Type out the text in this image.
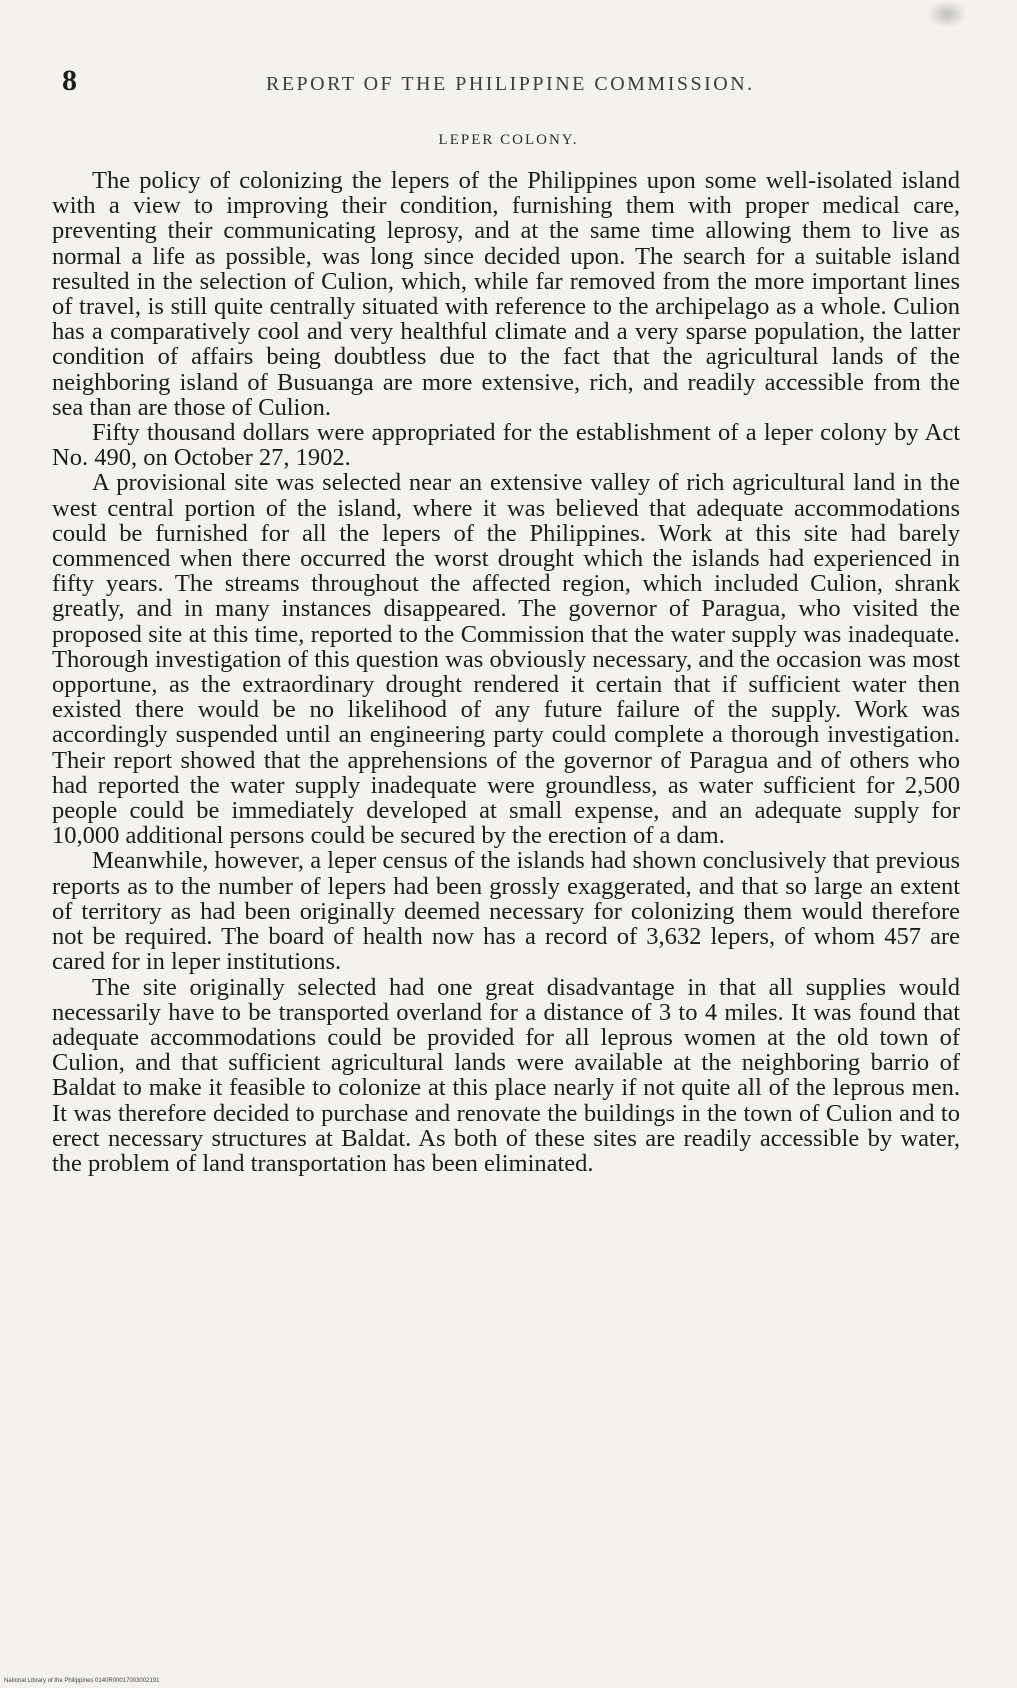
8	REPORT OF THE PHILIPPINE COMMISSION.
LEPER COLONY.

The policy of colonizing the lepers of the Philippines upon some well-isolated island with a view to improving their condition, furnishing them with proper medical care, preventing their communicating leprosy, and at the same time allowing them to live as normal a life as possible, was long since decided upon. The search for a suitable island resulted in the selection of Culion, which, while far removed from the more important lines of travel, is still quite centrally situated with reference to the archipelago as a whole. Culion has a comparatively cool and very healthful climate and a very sparse population, the latter condition of affairs being doubtless due to the fact that the agricultural lands of the neighboring island of Busuanga are more extensive, rich, and readily accessible from the sea than are those of Culion.

Fifty thousand dollars were appropriated for the establishment of a leper colony by Act No. 490, on October 27, 1902.

A provisional site was selected near an extensive valley of rich agricultural land in the west central portion of the island, where it was believed that adequate accommodations could be furnished for all the lepers of the Philippines. Work at this site had barely commenced when there occurred the worst drought which the islands had experienced in fifty years. The streams throughout the affected region, which included Culion, shrank greatly, and in many instances disappeared. The governor of Paragua, who visited the proposed site at this time, reported to the Commission that the water supply was inadequate. Thorough investigation of this question was obviously necessary, and the occasion was most opportune, as the extraordinary drought rendered it certain that if sufficient water then existed there would be no likelihood of any future failure of the supply. Work was accordingly suspended until an engineering party could complete a thorough investigation. Their report showed that the apprehensions of the governor of Paragua and of others who had reported the water supply inadequate were groundless, as water sufficient for 2,500 people could be immediately developed at small expense, and an adequate supply for 10,000 additional persons could be secured by the erection of a dam.

Meanwhile, however, a leper census of the islands had shown conclusively that previous reports as to the number of lepers had been grossly exaggerated, and that so large an extent of territory as had been originally deemed necessary for colonizing them would therefore not be required. The board of health now has a record of 3,632 lepers, of whom 457 are cared for in leper institutions.

The site originally selected had one great disadvantage in that all supplies would necessarily have to be transported overland for a distance of 3 to 4 miles. It was found that adequate accommodations could be provided for all leprous women at the old town of Culion, and that sufficient agricultural lands were available at the neighboring barrio of Baldat to make it feasible to colonize at this place nearly if not quite all of the leprous men. It was therefore decided to purchase and renovate the buildings in the town of Culion and to erect necessary structures at Baldat. As both of these sites are readily accessible by water, the problem of land transportation has been eliminated.

National Library of the Philippines 0140R00017003002191
